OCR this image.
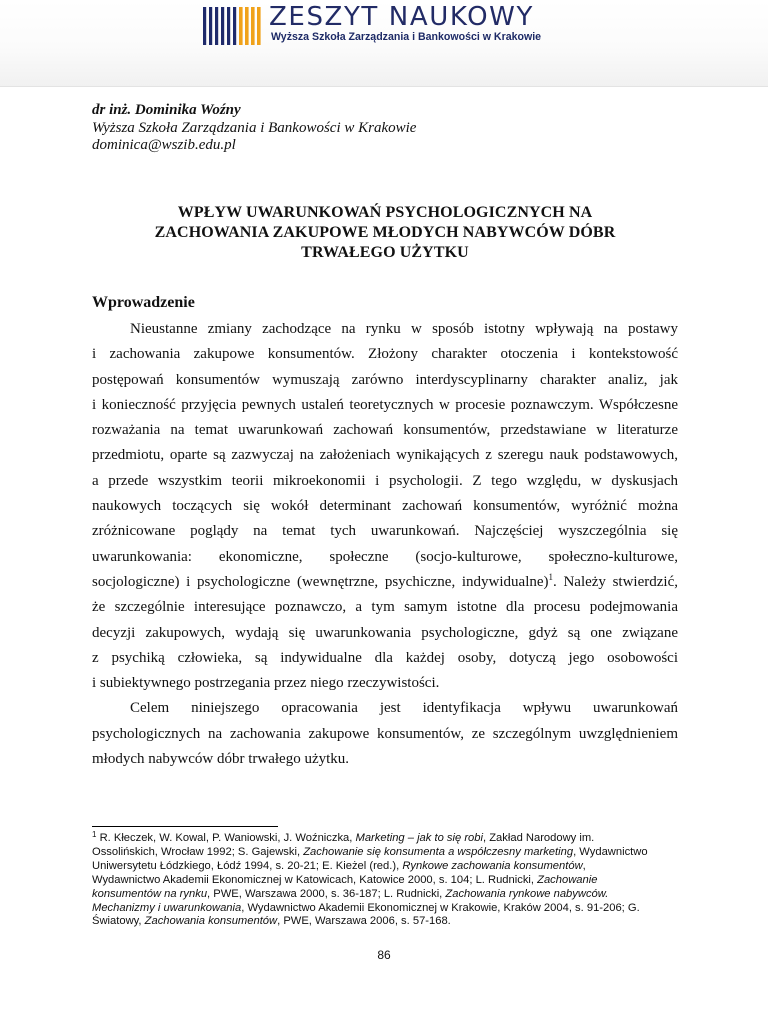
ZESZYT NAUKOWY
Wyższa Szkoła Zarządzania i Bankowości w Krakowie
dr inż. Dominika Woźny
Wyższa Szkoła Zarządzania i Bankowości w Krakowie
dominica@wszib.edu.pl
WPŁYW UWARUNKOWAŃ PSYCHOLOGICZNYCH NA
ZACHOWANIA ZAKUPOWE MŁODYCH NABYWCÓW DÓBR
TRWAŁEGO UŻYTKU
Wprowadzenie
Nieustanne zmiany zachodzące na rynku w sposób istotny wpływają na postawy
i zachowania zakupowe konsumentów. Złożony charakter otoczenia i kontekstowość
postępowań konsumentów wymuszają zarówno interdyscyplinarny charakter analiz, jak
i konieczność przyjęcia pewnych ustaleń teoretycznych w procesie poznawczym. Współczesne
rozważania na temat uwarunkowań zachowań konsumentów, przedstawiane w literaturze
przedmiotu, oparte są zazwyczaj na założeniach wynikających z szeregu nauk podstawowych,
a przede wszystkim teorii mikroekonomii i psychologii. Z tego względu, w dyskusjach
naukowych toczących się wokół determinant zachowań konsumentów, wyróżnić można
zróżnicowane poglądy na temat tych uwarunkowań. Najczęściej wyszczególnia się
uwarunkowania: ekonomiczne, społeczne (socjo-kulturowe, społeczno-kulturowe,
socjologiczne) i psychologiczne (wewnętrzne, psychiczne, indywidualne)$^1$. Należy stwierdzić,
że szczególnie interesujące poznawczo, a tym samym istotne dla procesu podejmowania
decyzji zakupowych, wydają się uwarunkowania psychologiczne, gdyż są one związane
z psychiką człowieka, są indywidualne dla każdej osoby, dotyczą jego osobowości
i subiektywnego postrzegania przez niego rzeczywistości.
Celem niniejszego opracowania jest identyfikacja wpływu uwarunkowań
psychologicznych na zachowania zakupowe konsumentów, ze szczególnym uwzględnieniem
młodych nabywców dóbr trwałego użytku.
$^1$ R. Kłeczek, W. Kowal, P. Waniowski, J. Woźniczka, Marketing – jak to się robi, Zakład Narodowy im.
Ossolińskich, Wrocław 1992; S. Gajewski, Zachowanie się konsumenta a współczesny marketing, Wydawnictwo
Uniwersytetu Łódzkiego, Łódź 1994, s. 20-21; E. Kieżel (red.), Rynkowe zachowania konsumentów,
Wydawnictwo Akademii Ekonomicznej w Katowicach, Katowice 2000, s. 104; L. Rudnicki, Zachowanie
konsumentów na rynku, PWE, Warszawa 2000, s. 36-187; L. Rudnicki, Zachowania rynkowe nabywców.
Mechanizmy i uwarunkowania, Wydawnictwo Akademii Ekonomicznej w Krakowie, Kraków 2004, s. 91-206; G.
Światowy, Zachowania konsumentów, PWE, Warszawa 2006, s. 57-168.
86
